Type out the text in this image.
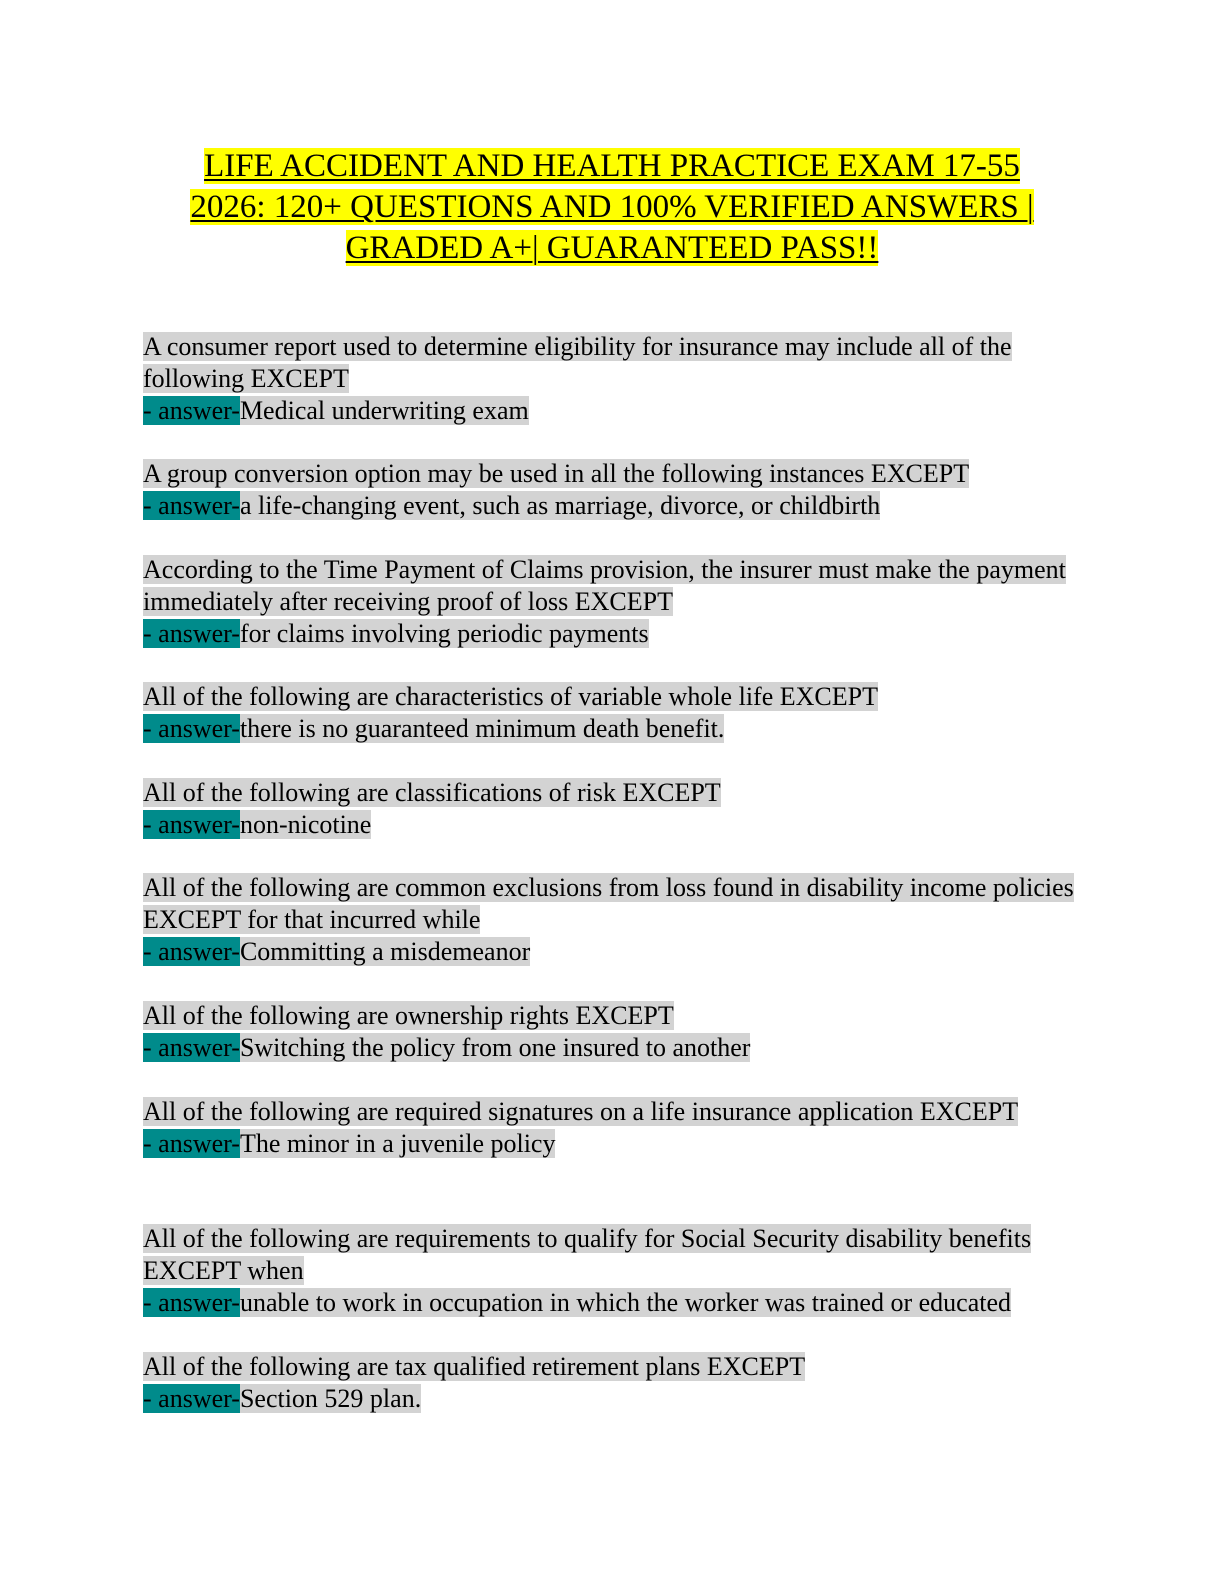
LIFE ACCIDENT AND HEALTH PRACTICE EXAM 17-55
2026: 120+ QUESTIONS AND 100% VERIFIED ANSWERS |
GRADED A+| GUARANTEED PASS!!
A consumer report used to determine eligibility for insurance may include all of the following EXCEPT
- answer-Medical underwriting exam
A group conversion option may be used in all the following instances EXCEPT
- answer-a life-changing event, such as marriage, divorce, or childbirth
According to the Time Payment of Claims provision, the insurer must make the payment immediately after receiving proof of loss EXCEPT
- answer-for claims involving periodic payments
All of the following are characteristics of variable whole life EXCEPT
- answer-there is no guaranteed minimum death benefit.
All of the following are classifications of risk EXCEPT
- answer-non-nicotine
All of the following are common exclusions from loss found in disability income policies EXCEPT for that incurred while
- answer-Committing a misdemeanor
All of the following are ownership rights EXCEPT
- answer-Switching the policy from one insured to another
All of the following are required signatures on a life insurance application EXCEPT
- answer-The minor in a juvenile policy
All of the following are requirements to qualify for Social Security disability benefits EXCEPT when
- answer-unable to work in occupation in which the worker was trained or educated
All of the following are tax qualified retirement plans EXCEPT
- answer-Section 529 plan.
